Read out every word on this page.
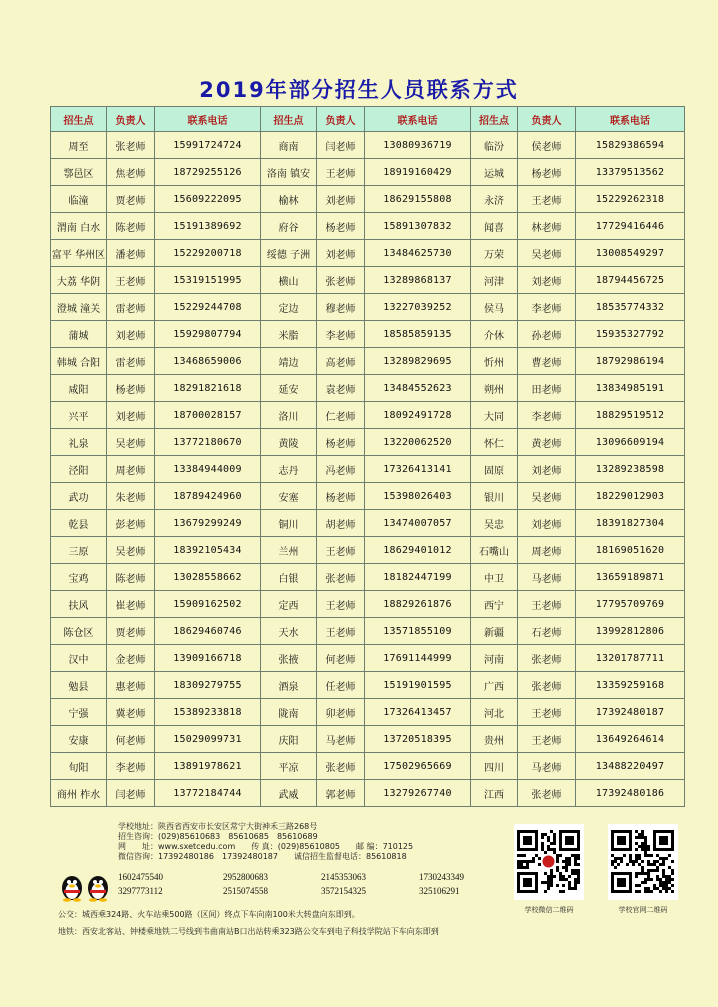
2019年部分招生人员联系方式
招生点	负责人	联系电话	招生点	负责人	联系电话	招生点	负责人	联系电话
周至	张老师	15991724724	商南	闫老师	13080936719	临汾	侯老师	15829386594
鄠邑区	焦老师	18729255126	洛南 镇安	王老师	18919160429	运城	杨老师	13379513562
临潼	贾老师	15609222095	榆林	刘老师	18629155808	永济	王老师	15229262318
渭南 白水	陈老师	15191389692	府谷	杨老师	15891307832	闻喜	林老师	17729416446
富平 华州区	潘老师	15229200718	绥德 子洲	刘老师	13484625730	万荣	吴老师	13008549297
大荔 华阴	王老师	15319151995	横山	张老师	13289868137	河津	刘老师	18794456725
澄城 潼关	雷老师	15229244708	定边	穆老师	13227039252	侯马	李老师	18535774332
蒲城	刘老师	15929807794	米脂	李老师	18585859135	介休	孙老师	15935327792
韩城 合阳	雷老师	13468659006	靖边	高老师	13289829695	忻州	曹老师	18792986194
咸阳	杨老师	18291821618	延安	袁老师	13484552623	朔州	田老师	13834985191
兴平	刘老师	18700028157	洛川	仁老师	18092491728	大同	李老师	18829519512
礼泉	吴老师	13772180670	黄陵	杨老师	13220062520	怀仁	黄老师	13096609194
泾阳	周老师	13384944009	志丹	冯老师	17326413141	固原	刘老师	13289238598
武功	朱老师	18789424960	安塞	杨老师	15398026403	银川	吴老师	18229012903
乾县	彭老师	13679299249	铜川	胡老师	13474007057	吴忠	刘老师	18391827304
三原	吴老师	18392105434	兰州	王老师	18629401012	石嘴山	周老师	18169051620
宝鸡	陈老师	13028558662	白银	张老师	18182447199	中卫	马老师	13659189871
扶风	崔老师	15909162502	定西	王老师	18829261876	西宁	王老师	17795709769
陈仓区	贾老师	18629460746	天水	王老师	13571855109	新疆	石老师	13992812806
汉中	金老师	13909166718	张掖	何老师	17691144999	河南	张老师	13201787711
勉县	惠老师	18309279755	酒泉	任老师	15191901595	广西	张老师	13359259168
宁强	冀老师	15389233818	陇南	卯老师	17326413457	河北	王老师	17392480187
安康	何老师	15029099731	庆阳	马老师	13720518395	贵州	王老师	13649264614
旬阳	李老师	13891978621	平凉	张老师	17502965669	四川	马老师	13488220497
商州 柞水	闫老师	13772184744	武威	郭老师	13279267740	江西	张老师	17392480186
学校地址：陕西省西安市长安区常宁大街神禾三路268号
招生咨询：(029)85610683　85610685　85610689
网　　址：www.sxetcedu.com　　传 真：(029)85610805　　邮 编：710125
微信咨询：17392480186　17392480187　　诚信招生监督电话：85610818
1602475540	2952800683	2145353063	1730243349
3297773112	2515074558	3572154325	325106291
公交：城西乘324路、火车站乘500路（区间）终点下车向南100米大转盘向东即到。
地铁：西安北客站、钟楼乘地铁二号线到韦曲南站B口出站转乘323路公交车到电子科技学院站下车向东即到
学校微信二维码	学校官网二维码
